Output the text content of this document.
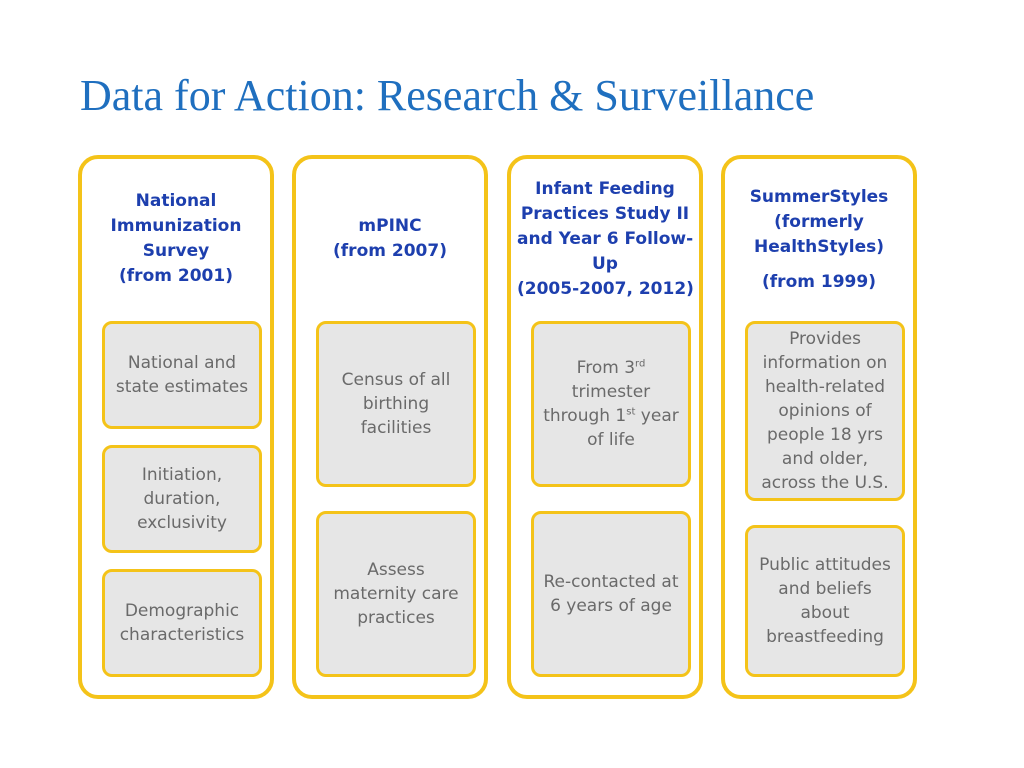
Data for Action: Research & Surveillance
National
Immunization
Survey
(from 2001)
National and
state estimates
Initiation,
duration,
exclusivity
Demographic
characteristics
mPINC
(from 2007)
Census of all
birthing
facilities
Assess
maternity care
practices
Infant Feeding
Practices Study II
and Year 6 Follow-
Up
(2005-2007, 2012)
From 3rd
trimester
through 1st year
of life
Re-contacted at
6 years of age
SummerStyles
(formerly
HealthStyles)
(from 1999)
Provides
information on
health-related
opinions of
people 18 yrs
and older,
across the U.S.
Public attitudes
and beliefs
about
breastfeeding
